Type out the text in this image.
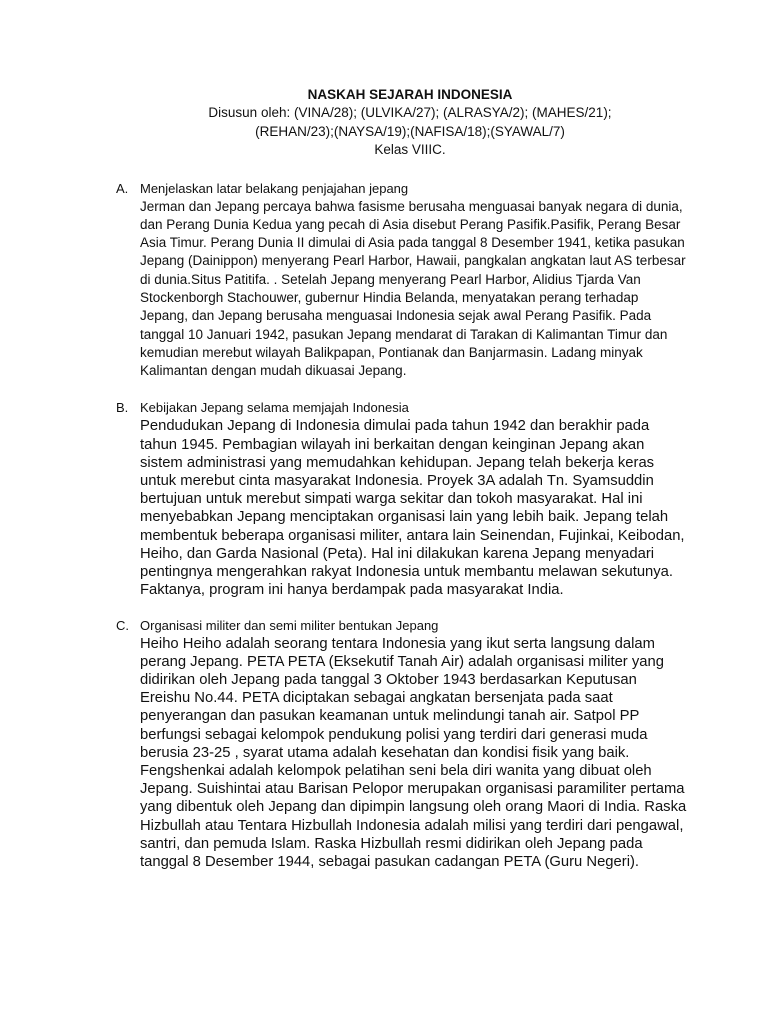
NASKAH SEJARAH INDONESIA
Disusun oleh: (VINA/28); (ULVIKA/27); (ALRASYA/2); (MAHES/21);
(REHAN/23);(NAYSA/19);(NAFISA/18);(SYAWAL/7)
Kelas VIIIC.
A. Menjelaskan latar belakang penjajahan jepang
Jerman dan Jepang percaya bahwa fasisme berusaha menguasai banyak negara di dunia, dan Perang Dunia Kedua yang pecah di Asia disebut Perang Pasifik.Pasifik, Perang Besar Asia Timur. Perang Dunia II dimulai di Asia pada tanggal 8 Desember 1941, ketika pasukan Jepang (Dainippon) menyerang Pearl Harbor, Hawaii, pangkalan angkatan laut AS terbesar di dunia.Situs Patitifa. . Setelah Jepang menyerang Pearl Harbor, Alidius Tjarda Van Stockenborgh Stachouwer, gubernur Hindia Belanda, menyatakan perang terhadap Jepang, dan Jepang berusaha menguasai Indonesia sejak awal Perang Pasifik. Pada tanggal 10 Januari 1942, pasukan Jepang mendarat di Tarakan di Kalimantan Timur dan kemudian merebut wilayah Balikpapan, Pontianak dan Banjarmasin. Ladang minyak Kalimantan dengan mudah dikuasai Jepang.
B. Kebijakan Jepang selama memjajah Indonesia
Pendudukan Jepang di Indonesia dimulai pada tahun 1942 dan berakhir pada tahun 1945. Pembagian wilayah ini berkaitan dengan keinginan Jepang akan sistem administrasi yang memudahkan kehidupan. Jepang telah bekerja keras untuk merebut cinta masyarakat Indonesia. Proyek 3A adalah Tn. Syamsuddin bertujuan untuk merebut simpati warga sekitar dan tokoh masyarakat. Hal ini menyebabkan Jepang menciptakan organisasi lain yang lebih baik. Jepang telah membentuk beberapa organisasi militer, antara lain Seinendan, Fujinkai, Keibodan, Heiho, dan Garda Nasional (Peta). Hal ini dilakukan karena Jepang menyadari pentingnya mengerahkan rakyat Indonesia untuk membantu melawan sekutunya. Faktanya, program ini hanya berdampak pada masyarakat India.
C. Organisasi militer dan semi militer bentukan Jepang
Heiho Heiho adalah seorang tentara Indonesia yang ikut serta langsung dalam perang Jepang. PETA PETA (Eksekutif Tanah Air) adalah organisasi militer yang didirikan oleh Jepang pada tanggal 3 Oktober 1943 berdasarkan Keputusan Ereishu No.44. PETA diciptakan sebagai angkatan bersenjata pada saat penyerangan dan pasukan keamanan untuk melindungi tanah air. Satpol PP berfungsi sebagai kelompok pendukung polisi yang terdiri dari generasi muda berusia 23-25 , syarat utama adalah kesehatan dan kondisi fisik yang baik. Fengshenkai adalah kelompok pelatihan seni bela diri wanita yang dibuat oleh Jepang. Suishintai atau Barisan Pelopor merupakan organisasi paramiliter pertama yang dibentuk oleh Jepang dan dipimpin langsung oleh orang Maori di India. Raska Hizbullah atau Tentara Hizbullah Indonesia adalah milisi yang terdiri dari pengawal, santri, dan pemuda Islam. Raska Hizbullah resmi didirikan oleh Jepang pada tanggal 8 Desember 1944, sebagai pasukan cadangan PETA (Guru Negeri).
